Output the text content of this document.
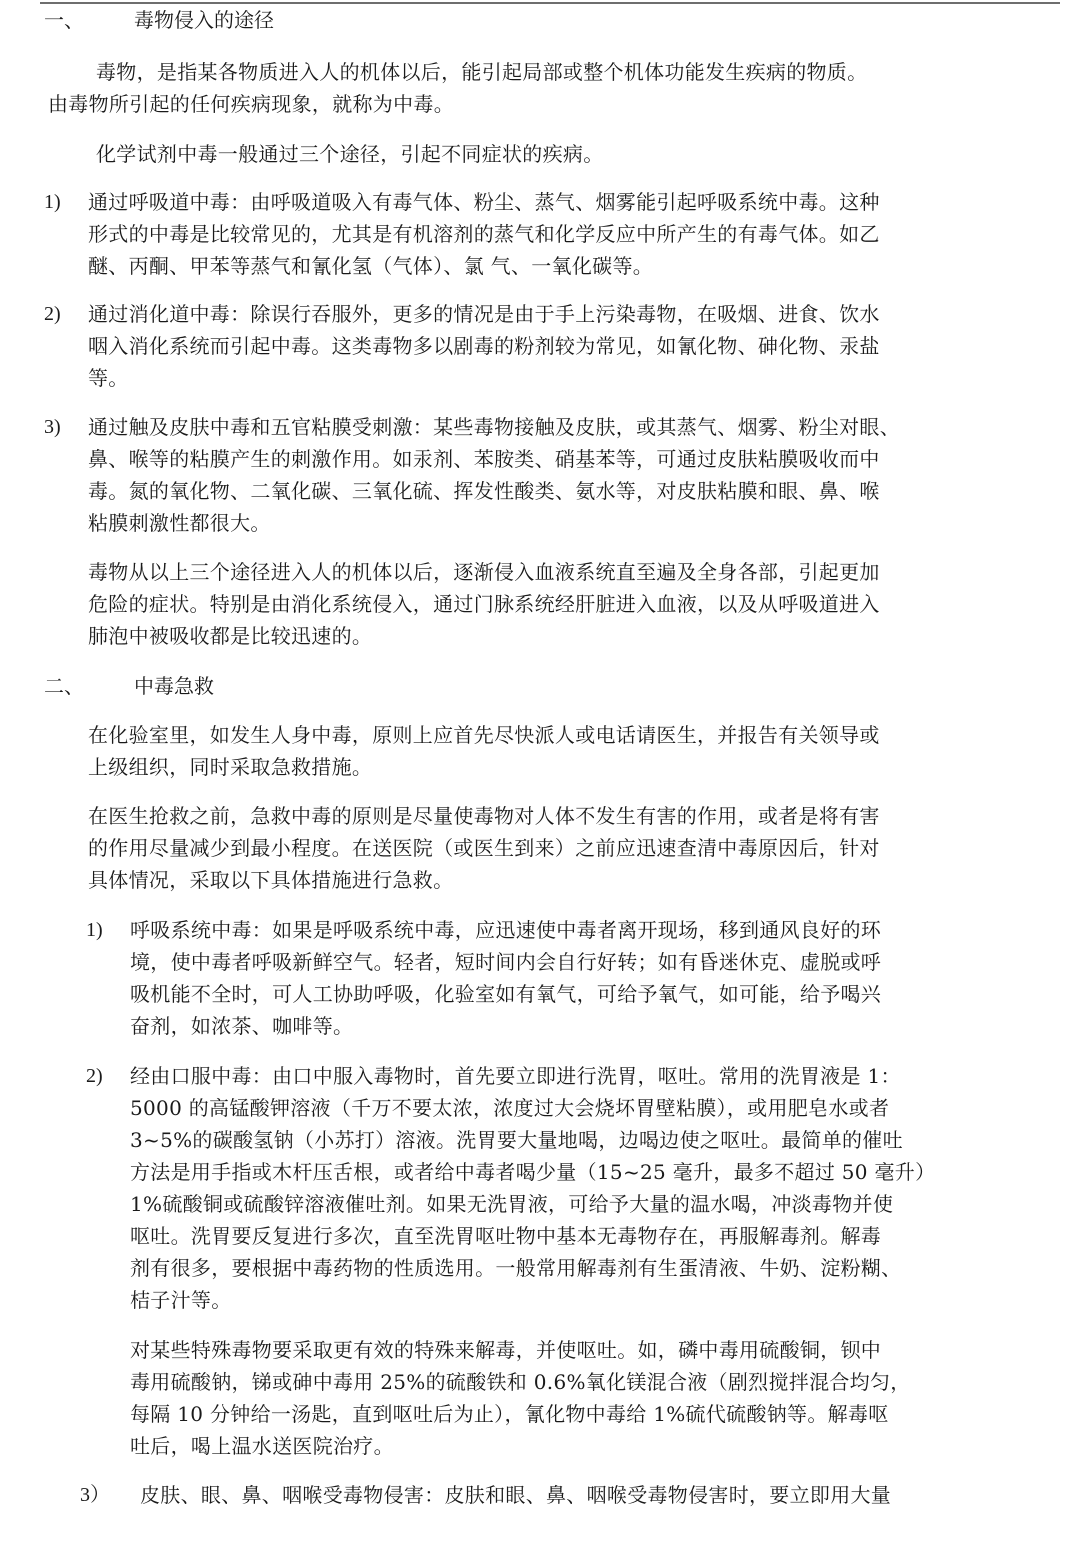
一、	毒物侵入的途径
毒物，是指某各物质进入人的机体以后，能引起局部或整个机体功能发生疾病的物质。
由毒物所引起的任何疾病现象，就称为中毒。
化学试剂中毒一般通过三个途径，引起不同症状的疾病。
1) 通过呼吸道中毒：由呼吸道吸入有毒气体、粉尘、蒸气、烟雾能引起呼吸系统中毒。这种
形式的中毒是比较常见的，尤其是有机溶剂的蒸气和化学反应中所产生的有毒气体。如乙
醚、丙酮、甲苯等蒸气和氰化氢（气体）、氯 气、一氧化碳等。
2) 通过消化道中毒：除误行吞服外，更多的情况是由于手上污染毒物，在吸烟、进食、饮水
咽入消化系统而引起中毒。这类毒物多以剧毒的粉剂较为常见，如氰化物、砷化物、汞盐
等。
3) 通过触及皮肤中毒和五官粘膜受刺激：某些毒物接触及皮肤，或其蒸气、烟雾、粉尘对眼、
鼻、喉等的粘膜产生的刺激作用。如汞剂、苯胺类、硝基苯等，可通过皮肤粘膜吸收而中
毒。氮的氧化物、二氧化碳、三氧化硫、挥发性酸类、氨水等，对皮肤粘膜和眼、鼻、喉
粘膜刺激性都很大。
毒物从以上三个途径进入人的机体以后，逐渐侵入血液系统直至遍及全身各部，引起更加
危险的症状。特别是由消化系统侵入，通过门脉系统经肝脏进入血液，以及从呼吸道进入
肺泡中被吸收都是比较迅速的。
二、	中毒急救
在化验室里，如发生人身中毒，原则上应首先尽快派人或电话请医生，并报告有关领导或
上级组织，同时采取急救措施。
在医生抢救之前，急救中毒的原则是尽量使毒物对人体不发生有害的作用，或者是将有害
的作用尽量减少到最小程度。在送医院（或医生到来）之前应迅速查清中毒原因后，针对
具体情况，采取以下具体措施进行急救。
1) 呼吸系统中毒：如果是呼吸系统中毒，应迅速使中毒者离开现场，移到通风良好的环
境，使中毒者呼吸新鲜空气。轻者，短时间内会自行好转；如有昏迷休克、虚脱或呼
吸机能不全时，可人工协助呼吸，化验室如有氧气，可给予氧气，如可能，给予喝兴
奋剂，如浓茶、咖啡等。
2) 经由口服中毒：由口中服入毒物时，首先要立即进行洗胃，呕吐。常用的洗胃液是 1：
5000 的高锰酸钾溶液（千万不要太浓，浓度过大会烧坏胃壁粘膜），或用肥皂水或者
3~5%的碳酸氢钠（小苏打）溶液。洗胃要大量地喝，边喝边使之呕吐。最简单的催吐
方法是用手指或木杆压舌根，或者给中毒者喝少量（15~25 毫升，最多不超过 50 毫升）
1%硫酸铜或硫酸锌溶液催吐剂。如果无洗胃液，可给予大量的温水喝，冲淡毒物并使
呕吐。洗胃要反复进行多次，直至洗胃呕吐物中基本无毒物存在，再服解毒剂。解毒
剂有很多，要根据中毒药物的性质选用。一般常用解毒剂有生蛋清液、牛奶、淀粉糊、
桔子汁等。
对某些特殊毒物要采取更有效的特殊来解毒，并使呕吐。如，磷中毒用硫酸铜，钡中
毒用硫酸钠，锑或砷中毒用 25%的硫酸铁和 0.6%氧化镁混合液（剧烈搅拌混合均匀，
每隔 10 分钟给一汤匙，直到呕吐后为止），氰化物中毒给 1%硫代硫酸钠等。解毒呕
吐后，喝上温水送医院治疗。
3） 皮肤、眼、鼻、咽喉受毒物侵害：皮肤和眼、鼻、咽喉受毒物侵害时，要立即用大量
